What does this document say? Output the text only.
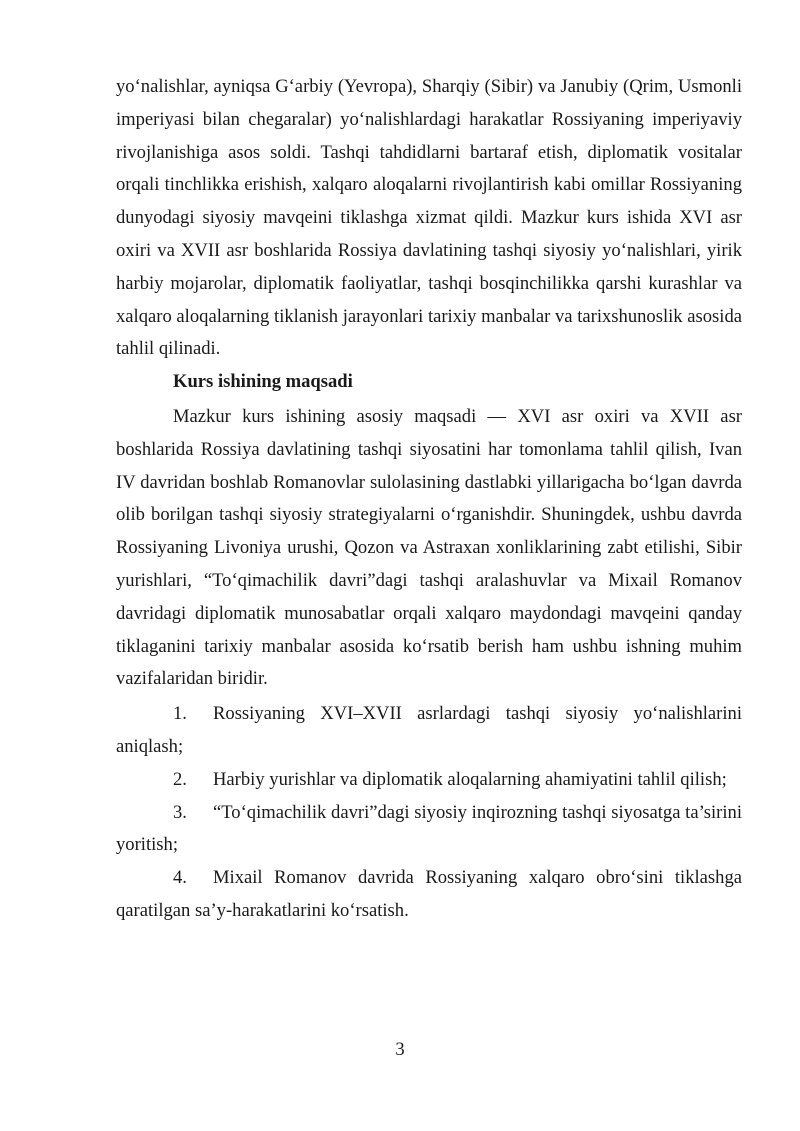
yo‘nalishlar, ayniqsa G‘arbiy (Yevropa), Sharqiy (Sibir) va Janubiy (Qrim, Usmonli imperiyasi bilan chegaralar) yo‘nalishlardagi harakatlar Rossiyaning imperiyaviy rivojlanishiga asos soldi. Tashqi tahdidlarni bartaraf etish, diplomatik vositalar orqali tinchlikka erishish, xalqaro aloqalarni rivojlantirish kabi omillar Rossiyaning dunyodagi siyosiy mavqeini tiklashga xizmat qildi. Mazkur kurs ishida XVI asr oxiri va XVII asr boshlarida Rossiya davlatining tashqi siyosiy yo‘nalishlari, yirik harbiy mojarolar, diplomatik faoliyatlar, tashqi bosqinchilikka qarshi kurashlar va xalqaro aloqalarning tiklanish jarayonlari tarixiy manbalar va tarixshunoslik asosida tahlil qilinadi.

Kurs ishining maqsadi

Mazkur kurs ishining asosiy maqsadi — XVI asr oxiri va XVII asr boshlarida Rossiya davlatining tashqi siyosatini har tomonlama tahlil qilish, Ivan IV davridan boshlab Romanovlar sulolasining dastlabki yillarigacha bo‘lgan davrda olib borilgan tashqi siyosiy strategiyalarni o‘rganishdir. Shuningdek, ushbu davrda Rossiyaning Livoniya urushi, Qozon va Astraxan xonliklarining zabt etilishi, Sibir yurishlari, “To‘qimachilik davri”dagi tashqi aralashuvlar va Mixail Romanov davridagi diplomatik munosabatlar orqali xalqaro maydondagi mavqeini qanday tiklaganini tarixiy manbalar asosida ko‘rsatib berish ham ushbu ishning muhim vazifalaridan biridir.

1. Rossiyaning XVI–XVII asrlardagi tashqi siyosiy yo‘nalishlarini aniqlash;

2. Harbiy yurishlar va diplomatik aloqalarning ahamiyatini tahlil qilish;

3. “To‘qimachilik davri”dagi siyosiy inqirozning tashqi siyosatga ta’sirini yoritish;

4. Mixail Romanov davrida Rossiyaning xalqaro obro‘sini tiklashga qaratilgan sa’y-harakatlarini ko‘rsatish.

3
